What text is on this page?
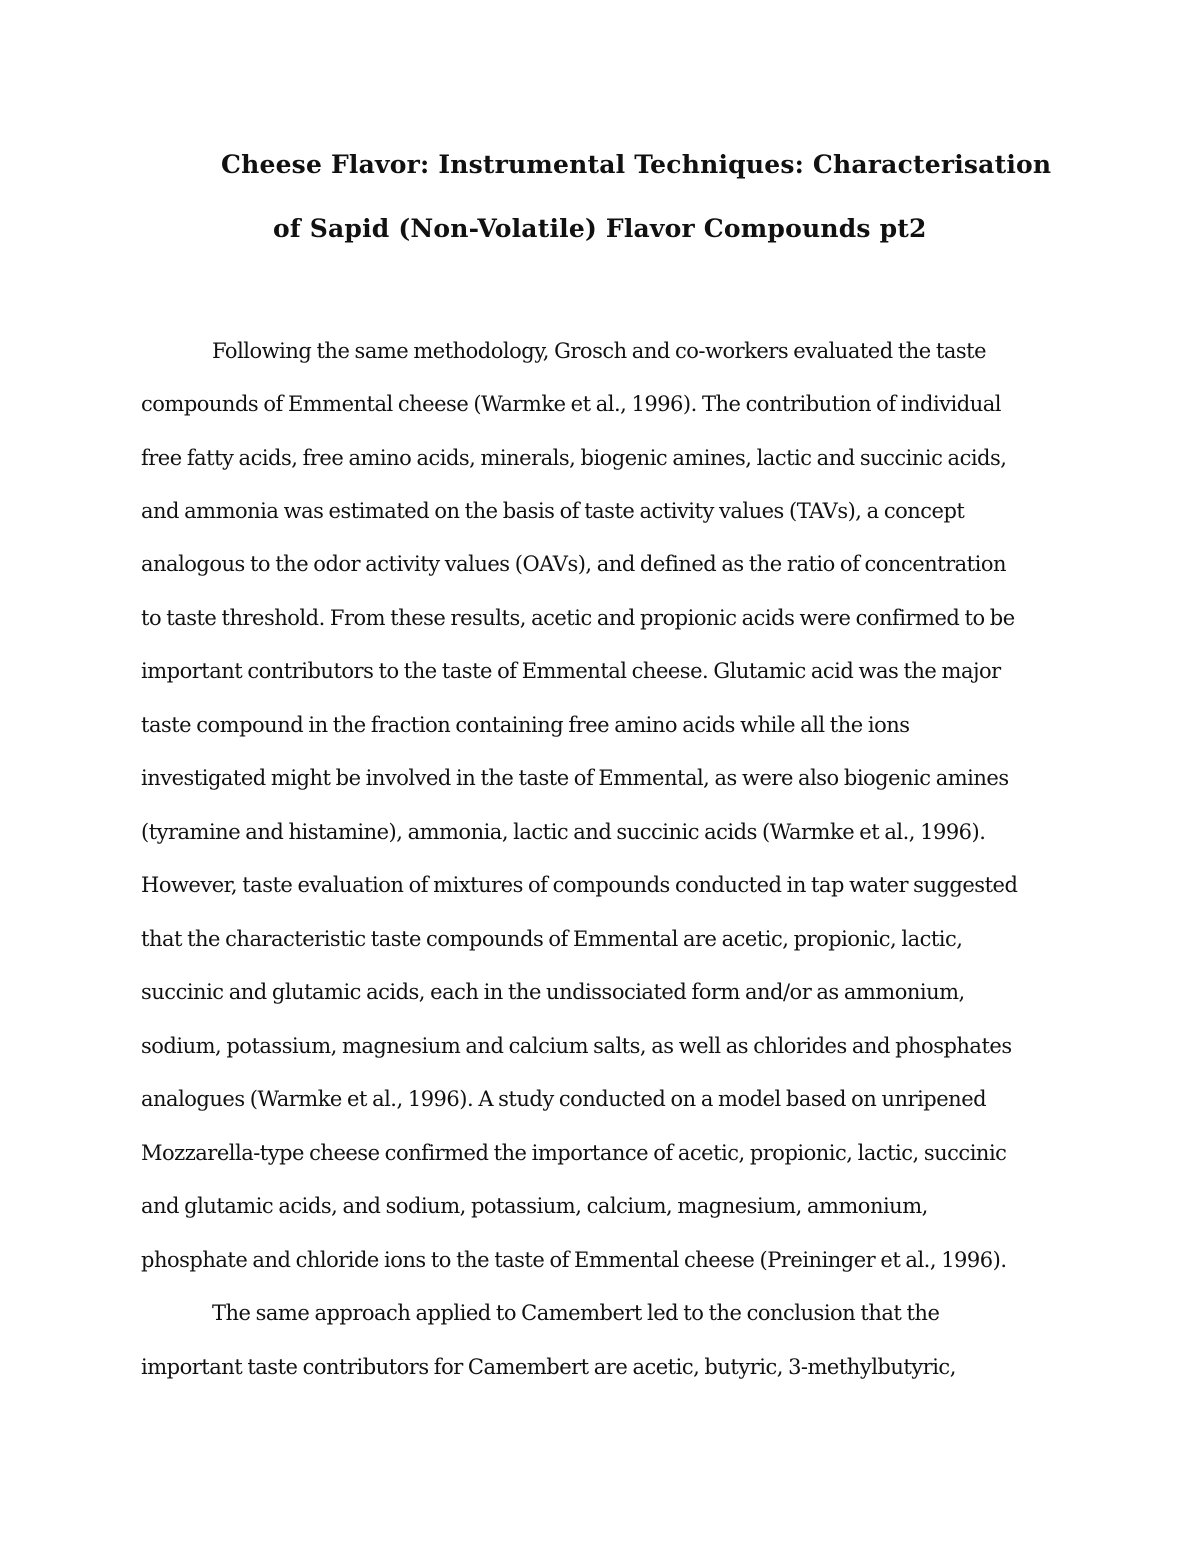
Cheese Flavor: Instrumental Techniques: Characterisation
of Sapid (Non-Volatile) Flavor Compounds pt2
Following the same methodology, Grosch and co-workers evaluated the taste
compounds of Emmental cheese (Warmke et al., 1996). The contribution of individual
free fatty acids, free amino acids, minerals, biogenic amines, lactic and succinic acids,
and ammonia was estimated on the basis of taste activity values (TAVs), a concept
analogous to the odor activity values (OAVs), and defined as the ratio of concentration
to taste threshold. From these results, acetic and propionic acids were confirmed to be
important contributors to the taste of Emmental cheese. Glutamic acid was the major
taste compound in the fraction containing free amino acids while all the ions
investigated might be involved in the taste of Emmental, as were also biogenic amines
(tyramine and histamine), ammonia, lactic and succinic acids (Warmke et al., 1996).
However, taste evaluation of mixtures of compounds conducted in tap water suggested
that the characteristic taste compounds of Emmental are acetic, propionic, lactic,
succinic and glutamic acids, each in the undissociated form and/or as ammonium,
sodium, potassium, magnesium and calcium salts, as well as chlorides and phosphates
analogues (Warmke et al., 1996). A study conducted on a model based on unripened
Mozzarella-type cheese confirmed the importance of acetic, propionic, lactic, succinic
and glutamic acids, and sodium, potassium, calcium, magnesium, ammonium,
phosphate and chloride ions to the taste of Emmental cheese (Preininger et al., 1996).
The same approach applied to Camembert led to the conclusion that the
important taste contributors for Camembert are acetic, butyric, 3-methylbutyric,
